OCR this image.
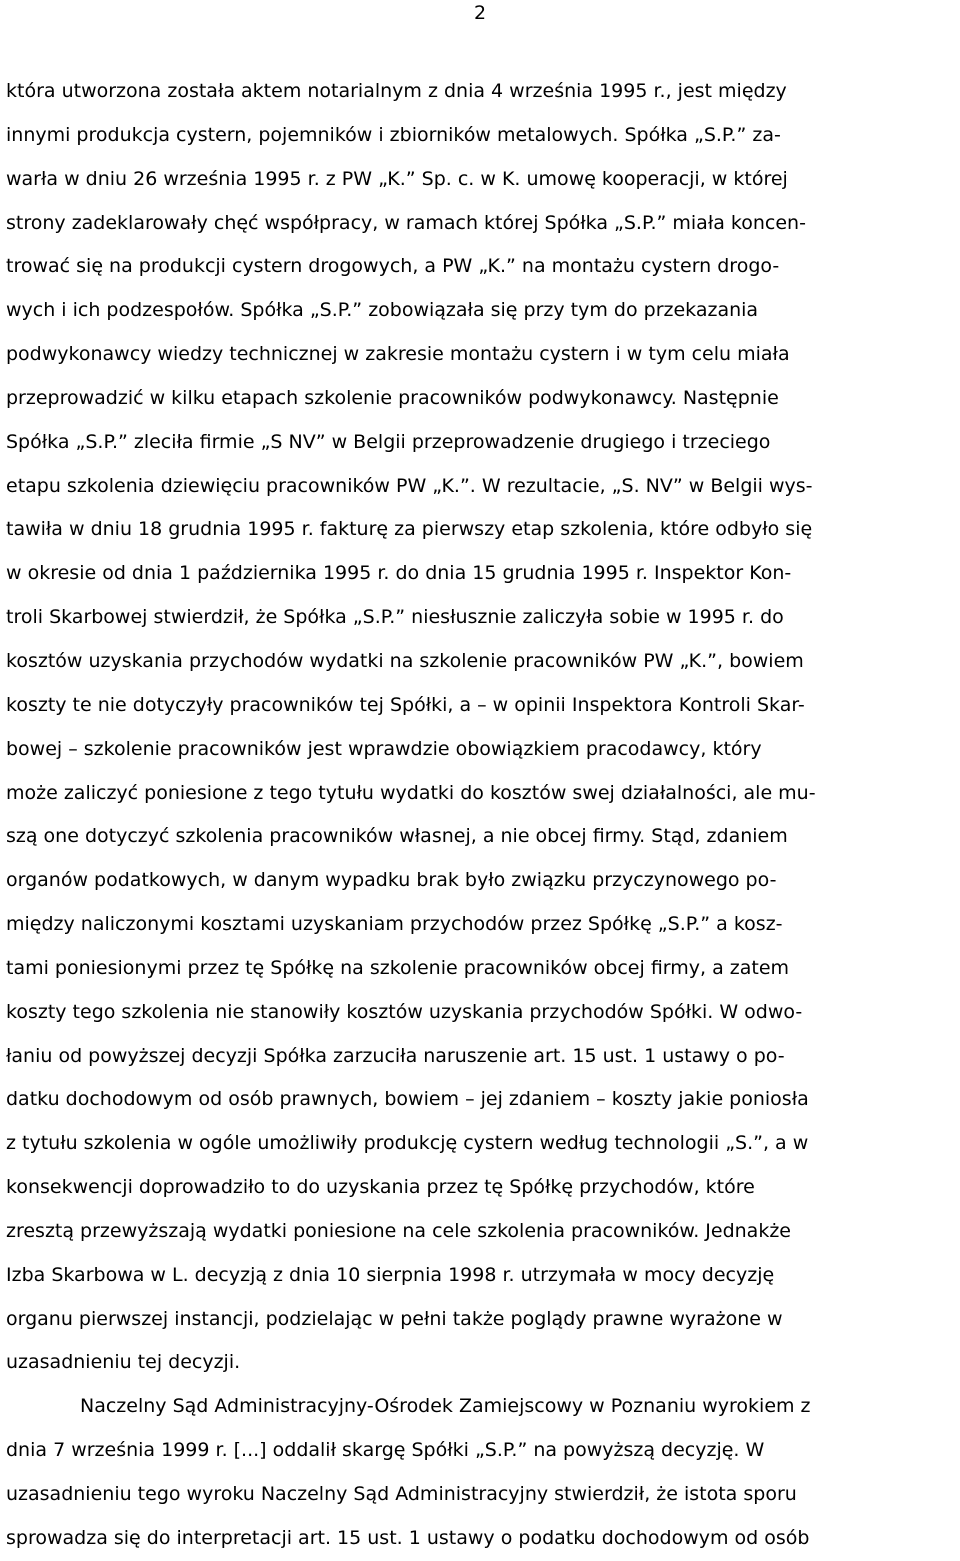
2
która utworzona została aktem notarialnym z dnia 4 września 1995 r., jest między
innymi produkcja cystern, pojemników i zbiorników metalowych. Spółka „S.P.” za-
warła w dniu 26 września 1995 r. z PW „K.” Sp. c. w K. umowę kooperacji, w której
strony zadeklarowały chęć współpracy, w ramach której Spółka „S.P.” miała koncen-
trować się na produkcji cystern drogowych, a PW „K.” na montażu cystern drogo-
wych i ich podzespołów. Spółka „S.P.” zobowiązała się przy tym do przekazania
podwykonawcy wiedzy technicznej w zakresie montażu cystern i w tym celu miała
przeprowadzić w kilku etapach szkolenie pracowników podwykonawcy. Następnie
Spółka „S.P.” zleciła firmie „S NV” w Belgii przeprowadzenie drugiego i trzeciego
etapu szkolenia dziewięciu pracowników PW „K.”. W rezultacie, „S. NV” w Belgii wys-
tawiła w dniu 18 grudnia 1995 r. fakturę za pierwszy etap szkolenia, które odbyło się
w okresie od dnia 1 października 1995 r. do dnia 15 grudnia 1995 r. Inspektor Kon-
troli Skarbowej stwierdził, że Spółka „S.P.” niesłusznie zaliczyła sobie w 1995 r. do
kosztów uzyskania przychodów wydatki na szkolenie pracowników PW „K.”, bowiem
koszty te nie dotyczyły pracowników tej Spółki, a – w opinii Inspektora Kontroli Skar-
bowej – szkolenie pracowników jest wprawdzie obowiązkiem pracodawcy, który
może zaliczyć poniesione z tego tytułu wydatki do kosztów swej działalności, ale mu-
szą one dotyczyć szkolenia pracowników własnej, a nie obcej firmy. Stąd, zdaniem
organów podatkowych, w danym wypadku brak było związku przyczynowego po-
między naliczonymi kosztami uzyskaniam przychodów przez Spółkę „S.P.” a kosz-
tami poniesionymi przez tę Spółkę na szkolenie pracowników obcej firmy, a zatem
koszty tego szkolenia nie stanowiły kosztów uzyskania przychodów Spółki. W odwo-
łaniu od powyższej decyzji Spółka zarzuciła naruszenie art. 15 ust. 1 ustawy o po-
datku dochodowym od osób prawnych, bowiem – jej zdaniem – koszty jakie poniosła
z tytułu szkolenia w ogóle umożliwiły produkcję cystern według technologii „S.”, a w
konsekwencji doprowadziło to do uzyskania przez tę Spółkę przychodów, które
zresztą przewyższają wydatki poniesione na cele szkolenia pracowników. Jednakże
Izba Skarbowa w L. decyzją z dnia 10 sierpnia 1998 r. utrzymała w mocy decyzję
organu pierwszej instancji, podzielając w pełni także poglądy prawne wyrażone w
uzasadnieniu tej decyzji.
Naczelny Sąd Administracyjny-Ośrodek Zamiejscowy w Poznaniu wyrokiem z
dnia 7 września 1999 r. [...] oddalił skargę Spółki „S.P.” na powyższą decyzję. W
uzasadnieniu tego wyroku Naczelny Sąd Administracyjny stwierdził, że istota sporu
sprowadza się do interpretacji art. 15 ust. 1 ustawy o podatku dochodowym od osób
